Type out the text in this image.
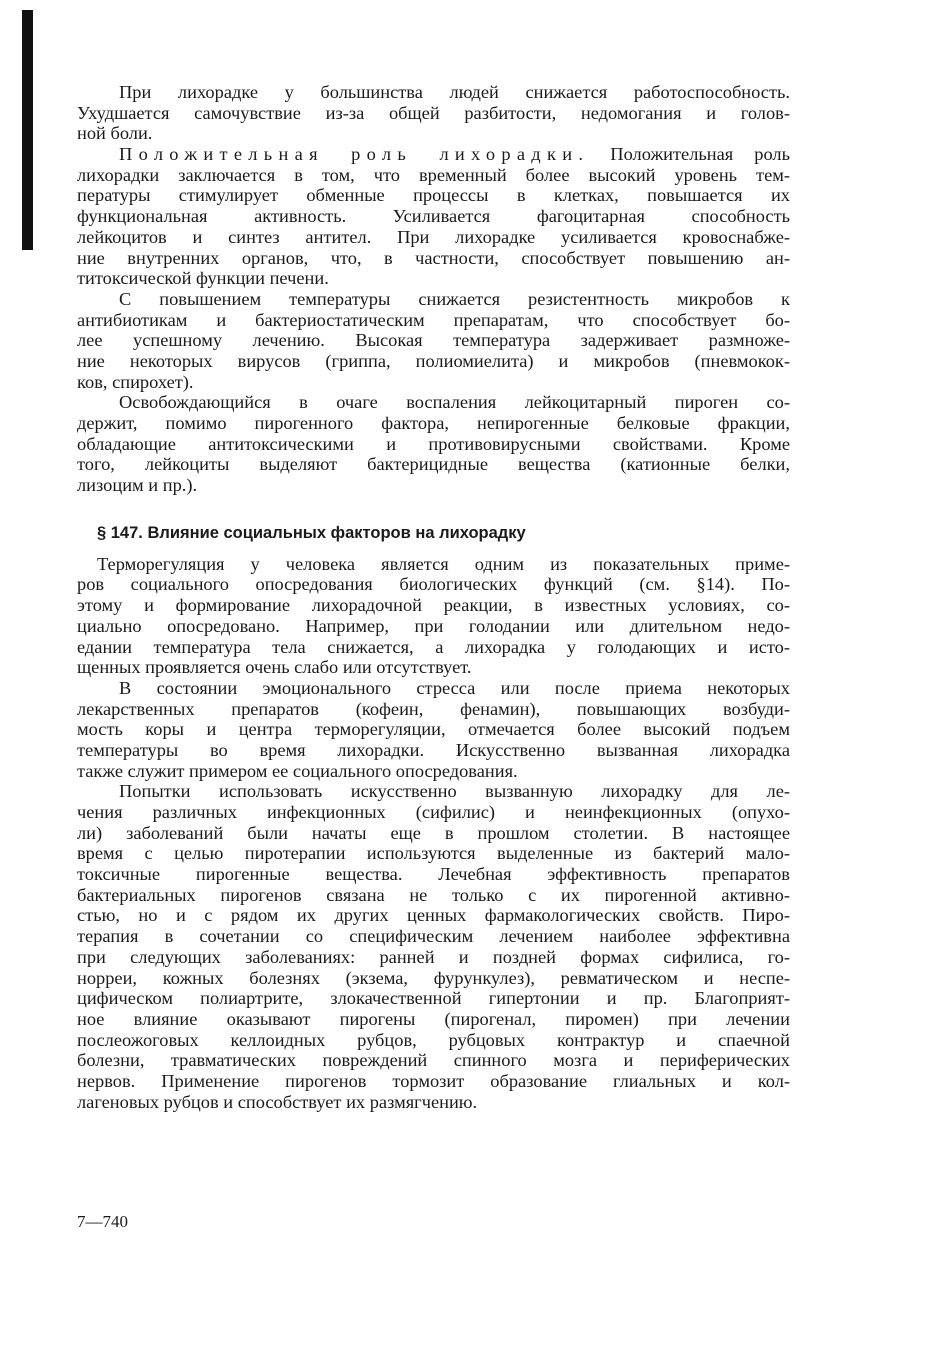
При лихорадке у большинства людей снижается работоспособность.
Ухудшается самочувствие из-за общей разбитости, недомогания и голов-
ной боли.
Положительная роль лихорадки. Положительная роль
лихорадки заключается в том, что временный более высокий уровень тем-
пературы стимулирует обменные процессы в клетках, повышается их
функциональная активность. Усиливается фагоцитарная способность
лейкоцитов и синтез антител. При лихорадке усиливается кровоснабже-
ние внутренних органов, что, в частности, способствует повышению ан-
титоксической функции печени.
С повышением температуры снижается резистентность микробов к
антибиотикам и бактериостатическим препаратам, что способствует бо-
лее успешному лечению. Высокая температура задерживает размноже-
ние некоторых вирусов (гриппа, полиомиелита) и микробов (пневмокок-
ков, спирохет).
Освобождающийся в очаге воспаления лейкоцитарный пироген со-
держит, помимо пирогенного фактора, непирогенные белковые фракции,
обладающие антитоксическими и противовирусными свойствами. Кроме
того, лейкоциты выделяют бактерицидные вещества (катионные белки,
лизоцим и пр.).
§ 147. Влияние социальных факторов на лихорадку
Терморегуляция у человека является одним из показательных приме-
ров социального опосредования биологических функций (см. §14). По-
этому и формирование лихорадочной реакции, в известных условиях, со-
циально опосредовано. Например, при голодании или длительном недо-
едании температура тела снижается, а лихорадка у голодающих и исто-
щенных проявляется очень слабо или отсутствует.
В состоянии эмоционального стресса или после приема некоторых
лекарственных препаратов (кофеин, фенамин), повышающих возбуди-
мость коры и центра терморегуляции, отмечается более высокий подъем
температуры во время лихорадки. Искусственно вызванная лихорадка
также служит примером ее социального опосредования.
Попытки использовать искусственно вызванную лихорадку для ле-
чения различных инфекционных (сифилис) и неинфекционных (опухо-
ли) заболеваний были начаты еще в прошлом столетии. В настоящее
время с целью пиротерапии используются выделенные из бактерий мало-
токсичные пирогенные вещества. Лечебная эффективность препаратов
бактериальных пирогенов связана не только с их пирогенной активно-
стью, но и с рядом их других ценных фармакологических свойств. Пиро-
терапия в сочетании со специфическим лечением наиболее эффективна
при следующих заболеваниях: ранней и поздней формах сифилиса, го-
норреи, кожных болезнях (экзема, фурункулез), ревматическом и неспе-
цифическом полиартрите, злокачественной гипертонии и пр. Благоприят-
ное влияние оказывают пирогены (пирогенал, пиромен) при лечении
послеожоговых келлоидных рубцов, рубцовых контрактур и спаечной
болезни, травматических повреждений спинного мозга и периферических
нервов. Применение пирогенов тормозит образование глиальных и кол-
лагеновых рубцов и способствует их размягчению.
7—740
